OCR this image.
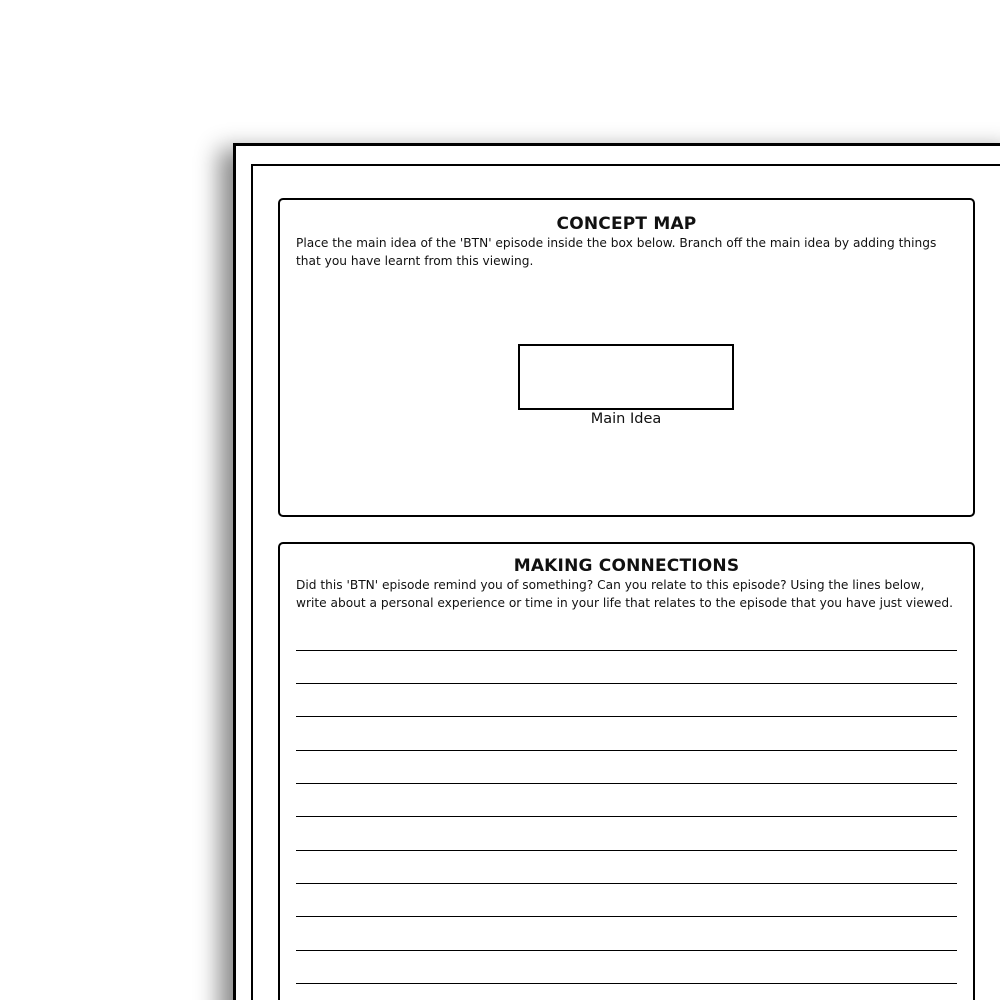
CONCEPT MAP
Place the main idea of the 'BTN' episode inside the box below. Branch off the main idea by adding things that you have learnt from this viewing.
Main Idea
MAKING CONNECTIONS
Did this 'BTN' episode remind you of something? Can you relate to this episode? Using the lines below, write about a personal experience or time in your life that relates to the episode that you have just viewed.
